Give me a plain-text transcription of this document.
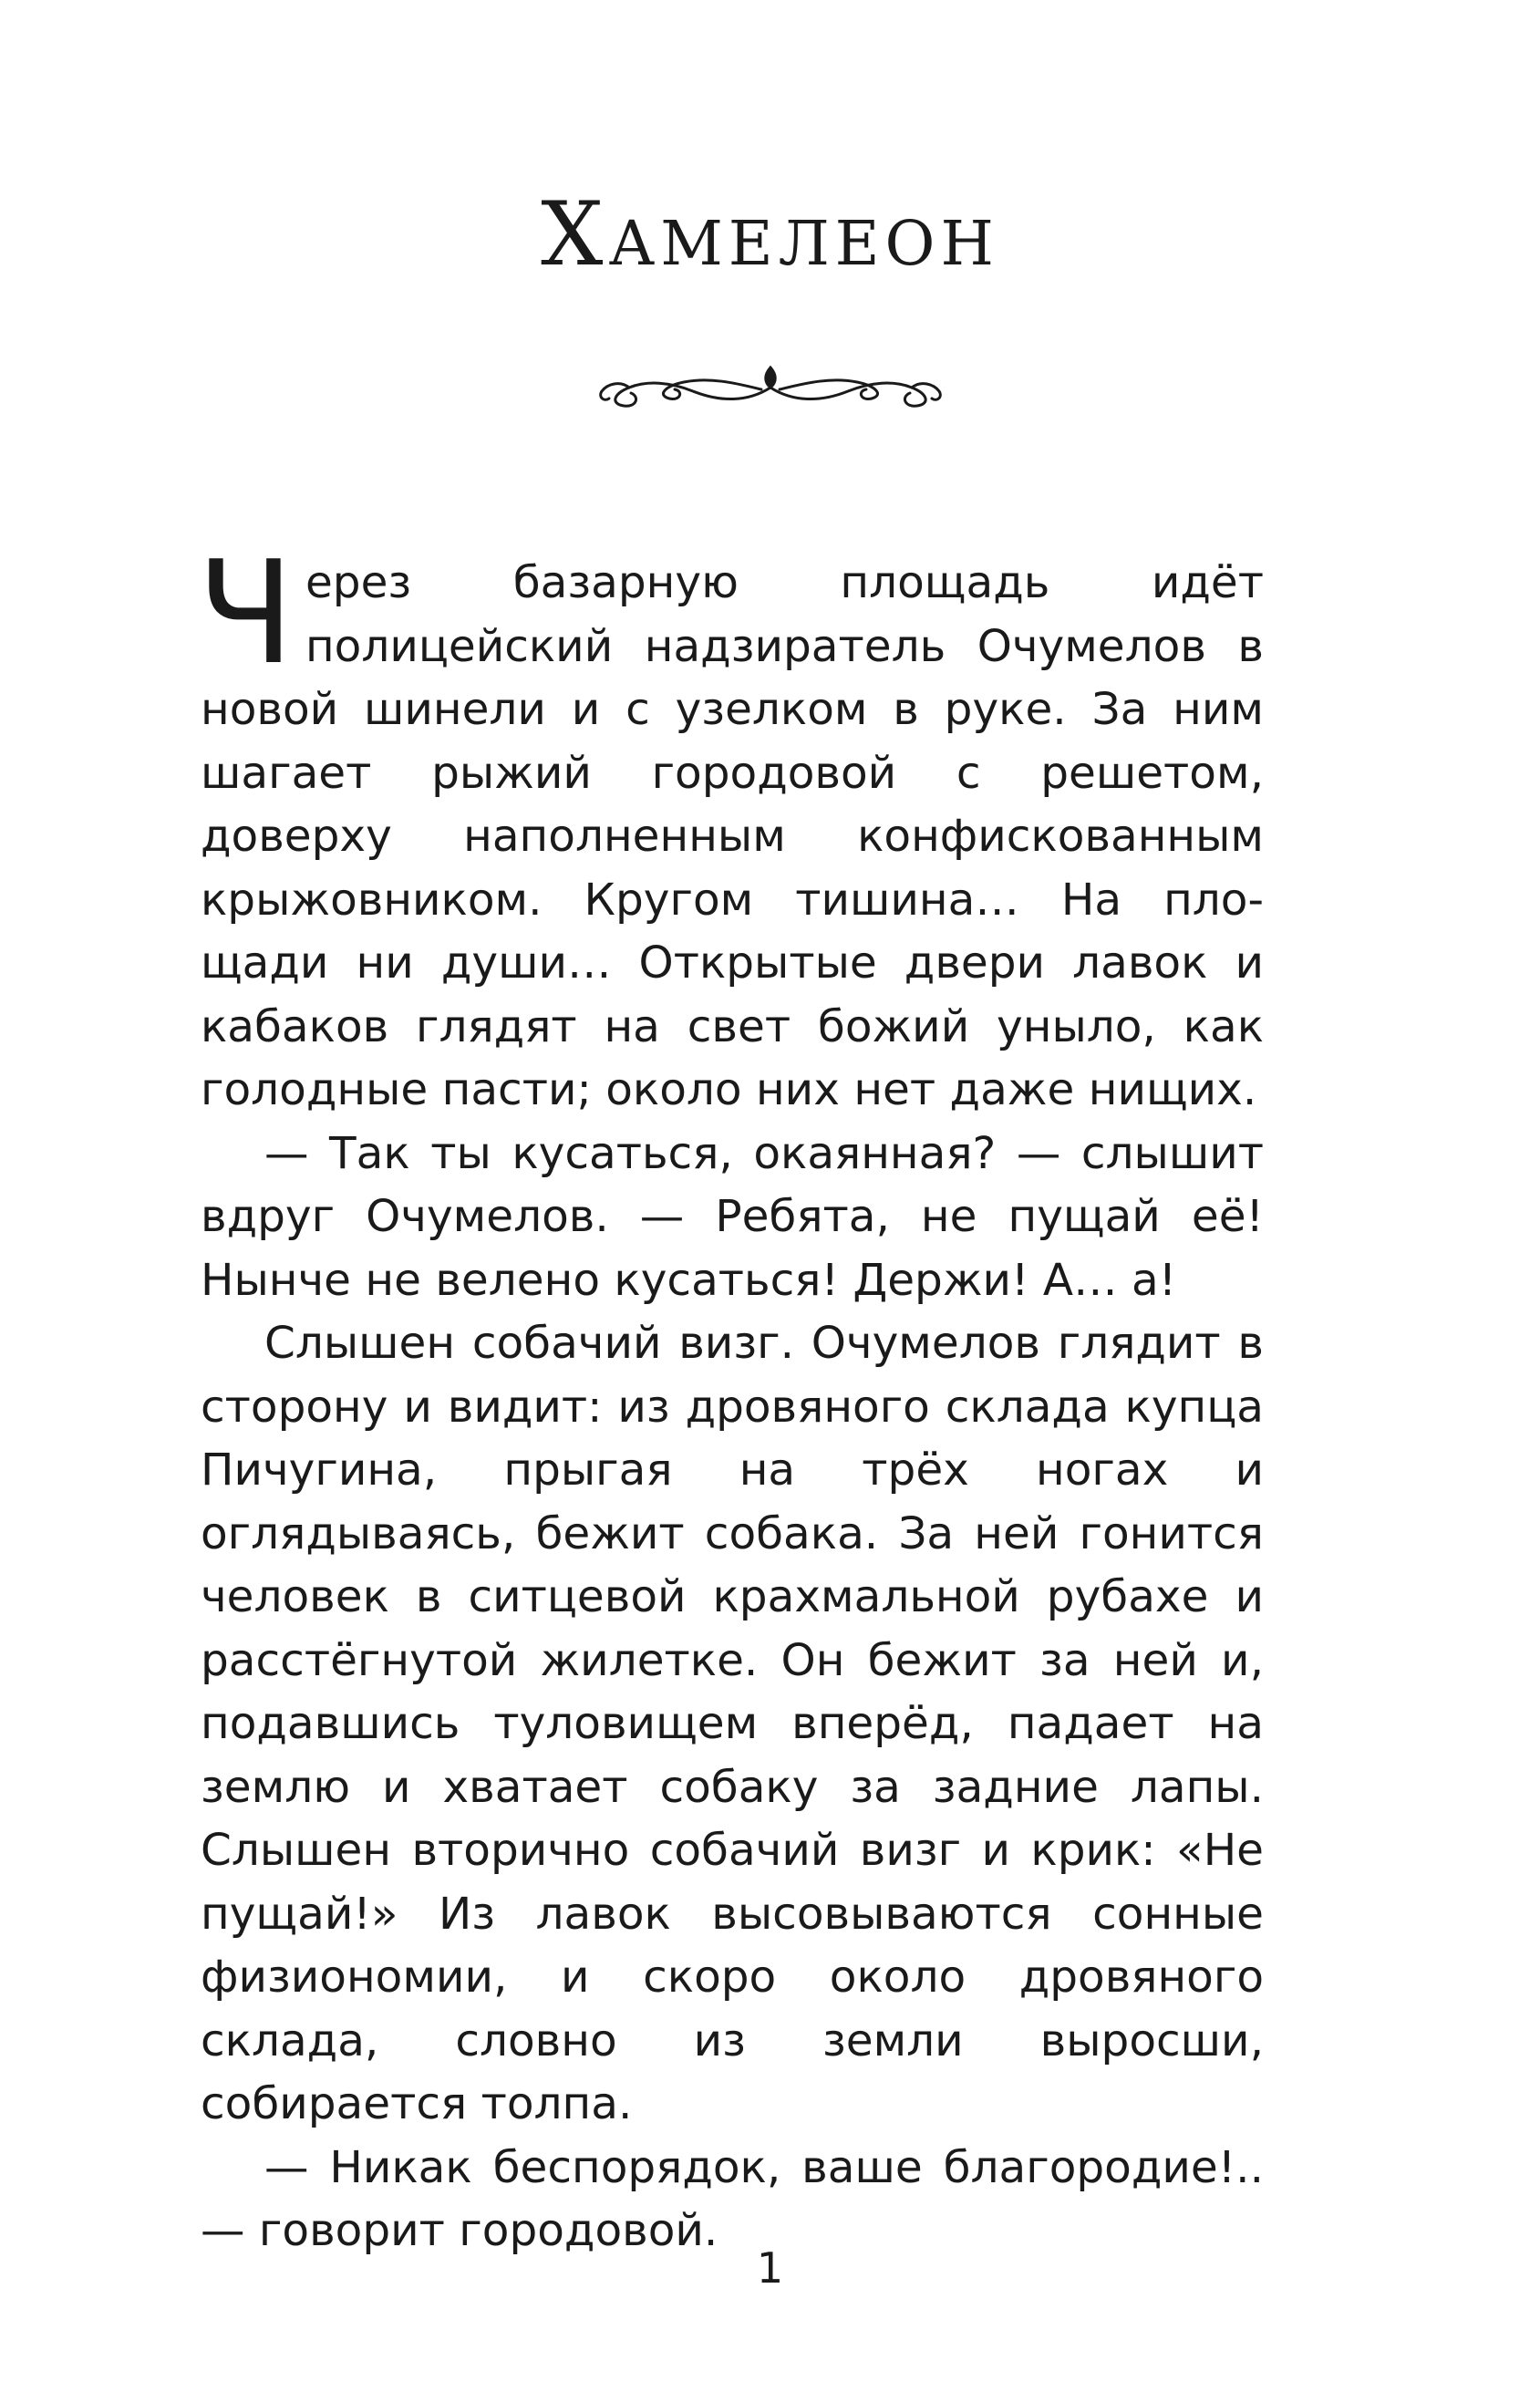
Хамелеон

Через базарную площадь идёт полицейский надзиратель Очумелов в новой шинели и с узелком в руке. За ним шагает рыжий городовой с решетом, доверху наполненным конфискованным крыжовником. Кругом тишина… На площади ни души… Открытые двери лавок и кабаков глядят на свет божий уныло, как голодные пасти; около них нет даже нищих.

— Так ты кусаться, окаянная? — слышит вдруг Очумелов. — Ребята, не пущай её! Нынче не велено кусаться! Держи! А… а!

Слышен собачий визг. Очумелов глядит в сторону и видит: из дровяного склада купца Пичугина, прыгая на трёх ногах и оглядываясь, бежит собака. За ней гонится человек в ситцевой крахмальной рубахе и расстёгнутой жилетке. Он бежит за ней и, подавшись туловищем вперёд, падает на землю и хватает собаку за задние лапы. Слышен вторично собачий визг и крик: «Не пущай!» Из лавок высовываются сонные физиономии, и скоро около дровяного склада, словно из земли выросши, собирается толпа.

— Никак беспорядок, ваше благородие!.. — говорит городовой.

1
